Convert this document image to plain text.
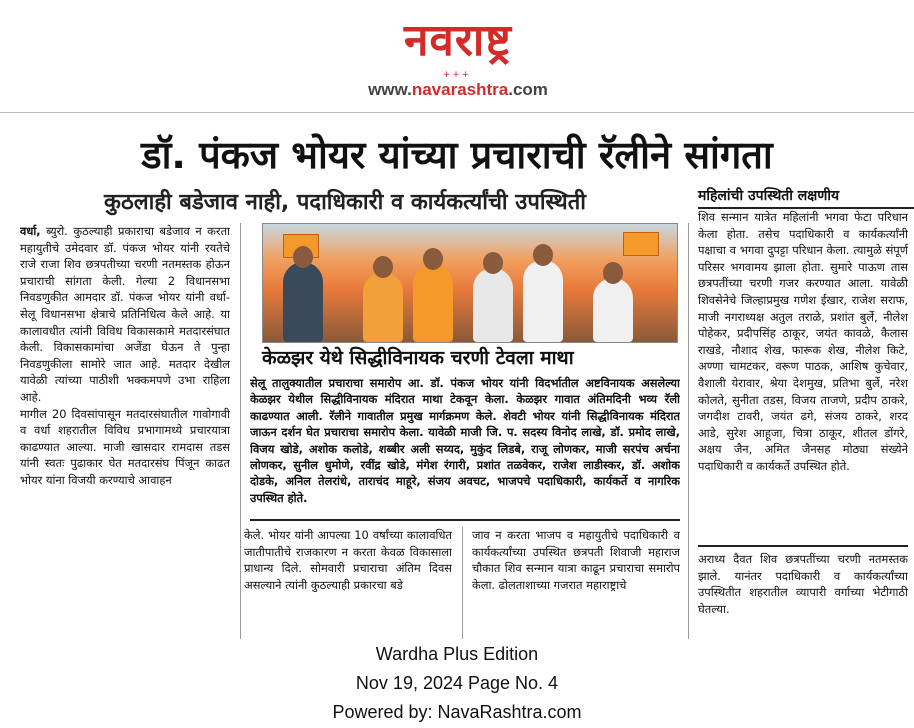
नवराष्ट्र
+++
www.navarashtra.com
डॉ. पंकज भोयर यांच्या प्रचाराची रॅलीने सांगता
कुठलाही बडेजाव नाही, पदाधिकारी व कार्यकर्त्यांची उपस्थिती

वर्धा, ब्युरो. कुठल्याही प्रकाराचा बडेजाव न करता महायुतीचे उमेदवार डॉ. पंकज भोयर यांनी रयतेचे राजे राजा शिव छत्रपतीच्या चरणी नतमस्तक होऊन प्रचाराची सांगता केली. गेल्या 2 विधानसभा निवडणुकीत आमदार डॉ. पंकज भोयर यांनी वर्धा-सेलू विधानसभा क्षेत्राचे प्रतिनिधित्व केले आहे. या कालावधीत त्यांनी विविध विकासकामे मतदारसंघात केली. विकासकामांचा अजेंडा घेऊन ते पुन्हा निवडणुकीला सामोरे जात आहे. मतदार देखील यावेळी त्यांच्या पाठीशी भक्कमपणे उभा राहिला आहे.

मागील 20 दिवसांपासून मतदारसंघातील गावोगावी व वर्धा शहरातील विविध प्रभागामध्ये प्रचारयात्रा काढण्यात आल्या. माजी खासदार रामदास तडस यांनी स्वतः पुढाकार घेत मतदारसंघ पिंजून काढत भोयर यांना विजयी करण्याचे आवाहन

केळझर येथे सिद्धीविनायक चरणी टेवला माथा
सेलू तालुक्यातील प्रचाराचा समारोप आ. डॉ. पंकज भोयर यांनी विदर्भातील अष्टविनायक असलेल्या केळझर येथील सिद्धीविनायक मंदिरात माथा टेकवून केला. केळझर गावात अंतिमदिनी भव्य रॅली काढण्यात आली. रॅलीने गावातील प्रमुख मार्गक्रमण केले. शेवटी भोयर यांनी सिद्धीविनायक मंदिरात जाऊन दर्शन घेत प्रचाराचा समारोप केला. यावेळी माजी जि. प. सदस्य विनोद लाखे, डॉ. प्रमोद लाखे, विजय खोडे, अशोक कलोडे, शब्बीर अली सय्यद, मुकुंद लिडबे, राजू लोणकर, माजी सरपंच अर्चना लोणकर, सुनील धुमोणे, रवींद्र खोडे, मंगेश रंगारी, प्रशांत तळवेकर, राजेश लाडीस्कर, डॉ. अशोक दोडके, अनिल तेलरांधे, ताराचंद माहूरे, संजय अवचट, भाजपचे पदाधिकारी, कार्यकर्ते व नागरिक उपस्थित होते.
केले. भोयर यांनी आपल्या 10 वर्षांच्या कालावधित जातीपातीचे राजकारण न करता केवळ विकासाला प्राधान्य दिले. सोमवारी प्रचाराचा अंतिम दिवस असल्याने त्यांनी कुठल्याही प्रकारचा बडे
जाव न करता भाजप व महायुतीचे पदाधिकारी व कार्यकर्त्यांच्या उपस्थित छत्रपती शिवाजी महाराज चौकात शिव सन्मान यात्रा काढून प्रचाराचा समारोप केला. ढोलताशाच्या गजरात महाराष्ट्राचे
महिलांची उपस्थिती लक्षणीय
शिव सन्मान यात्रेत महिलांनी भगवा फेटा परिधान केला होता. तसेच पदाधिकारी व कार्यकर्त्यांनी पक्षाचा व भगवा दुपट्टा परिधान केला. त्यामुळे संपूर्ण परिसर भगवामय झाला होता. सुमारे पाऊण तास छत्रपतींच्या चरणी गजर करण्यात आला. यावेळी शिवसेनेचे जिल्हाप्रमुख गणेश ईखार, राजेश सराफ, माजी नगराध्यक्ष अतुल तराळे, प्रशांत बुर्ले, नीलेश पोहेकर, प्रदीपसिंह ठाकूर, जयंत कावळे, कैलास राखडे, नौशाद शेख, फारूक शेख, नीलेश किटे, अण्णा चामटकर, वरूण पाठक, आशिष कुचेवार, वैशाली येरावार, श्रेया देशमुख, प्रतिभा बुर्ले, नरेश कोलते, सुनीता तडस, विजय ताजणे, प्रदीप ठाकरे, जगदीश टावरी, जयंत ढगे, संजय ठाकरे, शरद आडे, सुरेश आहूजा, चित्रा ठाकूर, शीतल डोंगरे, अक्षय जैन, अमित जैनसह मोठ्या संख्येने पदाधिकारी व कार्यकर्ते उपस्थित होते.
अराध्य दैवत शिव छत्रपतींच्या चरणी नतमस्तक झाले. यानंतर पदाधिकारी व कार्यकर्त्यांच्या उपस्थितीत शहरातील व्यापारी वर्गाच्या भेटीगाठी घेतल्या.
Wardha Plus Edition
Nov 19, 2024 Page No. 4
Powered by: NavaRashtra.com
